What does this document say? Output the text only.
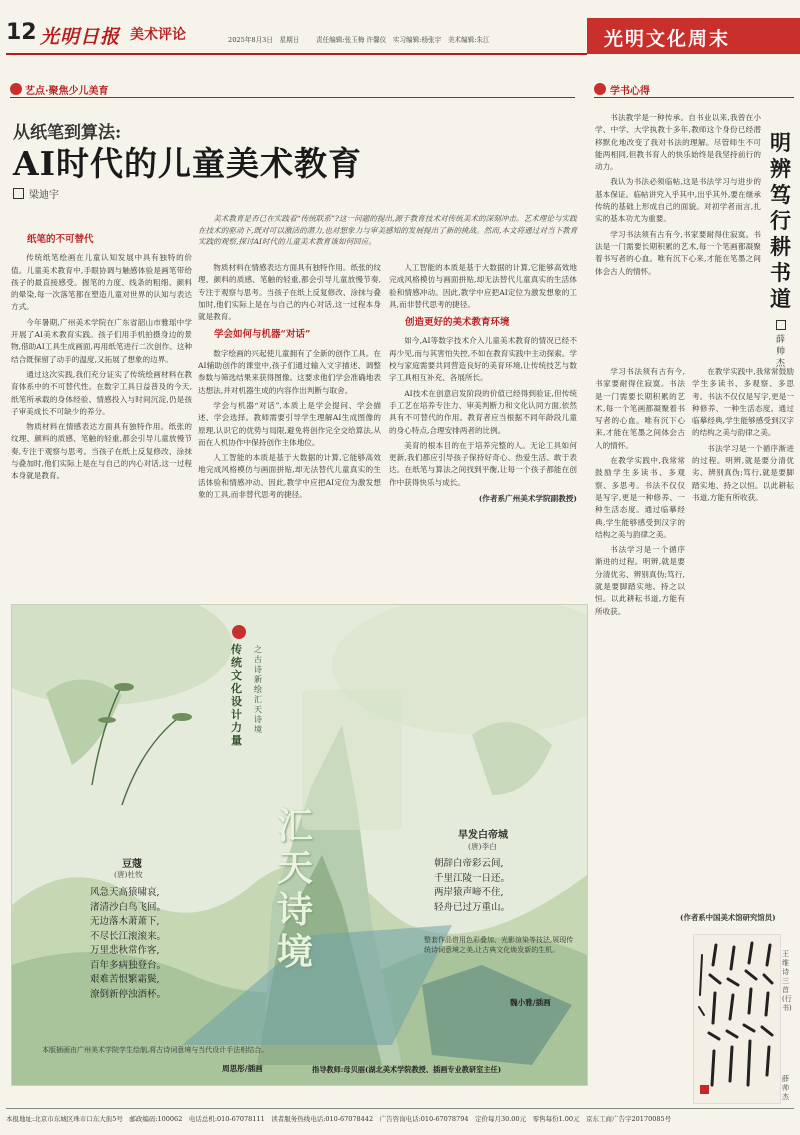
12 光明日报 美术评论	2025年8月3日　星期日	责任编辑:张玉梅 许馨仪　实习编辑:杨张宇　美术编辑:朱江	光明文化周末
艺点·聚焦少儿美育
从纸笔到算法:
AI时代的儿童美术教育
梁迪宇
美术教育是否已在实践着“传统联系”?这一问题的提出,源于教育技术对传统美术的深刻冲击。艺术理论与实践在技术的驱动下,既对可以激活的潜力,也对想象力与审美感知的发展提出了新的挑战。然而,本文将通过对当下教育实践的观察,探讨AI时代的儿童美术教育该如何回应。
纸笔的不可替代

传统纸笔绘画在儿童认知发展中具有独特的价值。儿童美术教育中,手眼协调与触感体验是画笔带给孩子的最直接感受。握笔的力度、线条的粗细、颜料的晕染,每一次落笔都在塑造儿童对世界的认知与表达方式。

今年暑期,广州美术学院在广东省韶山市雅瑶中学开展了AI美术教育实践。孩子们用手机拍摄身边的景物,借助AI工具生成画面,再用纸笔进行二次创作。这种结合既保留了动手的温度,又拓展了想象的边界。

通过这次实践,我们充分证实了传统绘画材料在教育体系中的不可替代性。在数字工具日益普及的今天,纸笔所承载的身体经验、情感投入与时间沉淀,仍是孩子审美成长不可缺少的养分。

物质材料在情感表达方面具有独特作用。纸张的纹理、颜料的质感、笔触的轻重,都会引导儿童放慢节奏,专注于观察与思考。当孩子在纸上反复修改、涂抹与叠加时,他们实际上是在与自己的内心对话,这一过程本身就是教育。

物质材料在情感表达方面具有独特作用。纸张的纹理、颜料的质感、笔触的轻重,都会引导儿童放慢节奏,专注于观察与思考。当孩子在纸上反复修改、涂抹与叠加时,他们实际上是在与自己的内心对话,这一过程本身就是教育。

学会如何与机器“对话”

数字绘画的兴起使儿童拥有了全新的创作工具。在AI辅助创作的课堂中,孩子们通过输入文字描述、调整参数与筛选结果来获得图像。这要求他们学会准确地表达想法,并对机器生成的内容作出判断与取舍。

学会与机器“对话”,本质上是学会提问、学会描述、学会选择。教师需要引导学生理解AI生成图像的原理,认识它的优势与局限,避免将创作完全交给算法,从而在人机协作中保持创作主体地位。

人工智能的本质是基于大数据的计算,它能够高效地完成风格模仿与画面拼贴,却无法替代儿童真实的生活体验和情感冲动。因此,教学中应把AI定位为激发想象的工具,而非替代思考的捷径。

人工智能的本质是基于大数据的计算,它能够高效地完成风格模仿与画面拼贴,却无法替代儿童真实的生活体验和情感冲动。因此,教学中应把AI定位为激发想象的工具,而非替代思考的捷径。

创造更好的美术教育环境

如今,AI等数字技术介入儿童美术教育的情况已经不再少见,而与其害怕失控,不如在教育实践中主动探索。学校与家庭需要共同营造良好的美育环境,让传统技艺与数字工具相互补充、各展所长。

AI技术在创意启发阶段的价值已经得到验证,但传统手工艺在培养专注力、审美判断力和文化认同方面,依然具有不可替代的作用。教育者应当根据不同年龄段儿童的身心特点,合理安排两者的比例。

美育的根本目的在于培养完整的人。无论工具如何更新,我们都应引导孩子保持好奇心、热爱生活、敢于表达。在纸笔与算法之间找到平衡,让每一个孩子都能在创作中获得快乐与成长。

(作者系广州美术学院副教授)
学书心得
明辨笃行耕书道
薛帅杰

书法教学是一种传承。自书业以来,我曾在小学、中学、大学执教十多年,教师这个身份已经潜移默化地改变了我对书法的理解。尽管师生不可能两相同,但教书育人的快乐始终是我坚持前行的动力。

我认为书法必须临帖,这是书法学习与进步的基本保证。临帖讲究入乎其中,出乎其外,要在继承传统的基础上形成自己的面貌。对初学者而言,扎实的基本功尤为重要。

学习书法须有古有今,书家要耐得住寂寞。书法是一门需要长期积累的艺术,每一个笔画都凝聚着书写者的心血。唯有沉下心来,才能在笔墨之间体会古人的情怀。

学习书法须有古有今,书家要耐得住寂寞。书法是一门需要长期积累的艺术,每一个笔画都凝聚着书写者的心血。唯有沉下心来,才能在笔墨之间体会古人的情怀。

在教学实践中,我常常鼓励学生多读书、多观察、多思考。书法不仅仅是写字,更是一种修养、一种生活态度。通过临摹经典,学生能够感受到汉字的结构之美与韵律之美。

书法学习是一个循序渐进的过程。明辨,就是要分清优劣、辨别真伪;笃行,就是要脚踏实地、持之以恒。以此耕耘书道,方能有所收获。

在教学实践中,我常常鼓励学生多读书、多观察、多思考。书法不仅仅是写字,更是一种修养、一种生活态度。通过临摹经典,学生能够感受到汉字的结构之美与韵律之美。

书法学习是一个循序渐进的过程。明辨,就是要分清优劣、辨别真伪;笃行,就是要脚踏实地、持之以恒。以此耕耘书道,方能有所收获。

(作者系中国美术馆研究馆员)
王维诗三首(行书)
薛帅杰
传统文化 设计力量
之古诗新绘 汇天诗境
汇天诗境
豆蔻
(唐)杜牧
风急天高猿啸哀,
渚清沙白鸟飞回。
无边落木萧萧下,
不尽长江滚滚来。
万里悲秋常作客,
百年多病独登台。
艰难苦恨繁霜鬓,
潦倒新停浊酒杯。
本版插画由广州美术学院学生绘制,将古诗词意境与当代设计手法相结合。
周思彤/插画
早发白帝城
(唐)李白
朝辞白帝彩云间,
千里江陵一日还。
两岸猿声啼不住,
轻舟已过万重山。
整套作品借用色彩叠加、光影渲染等技法,展现传统诗词意境之美,让古典文化焕发新的生机。
魏小雅/插画
指导教师:母贝丽(湖北美术学院教授、插画专业教研室主任)
本报地址:北京市东城区珠市口东大街5号　邮政编码:100062　电话总机:010-67078111　读者服务热线电话:010-67078442　广告咨询电话:010-67078794　定价每月30.00元　零售每份1.00元　京东工商广告字20170085号
